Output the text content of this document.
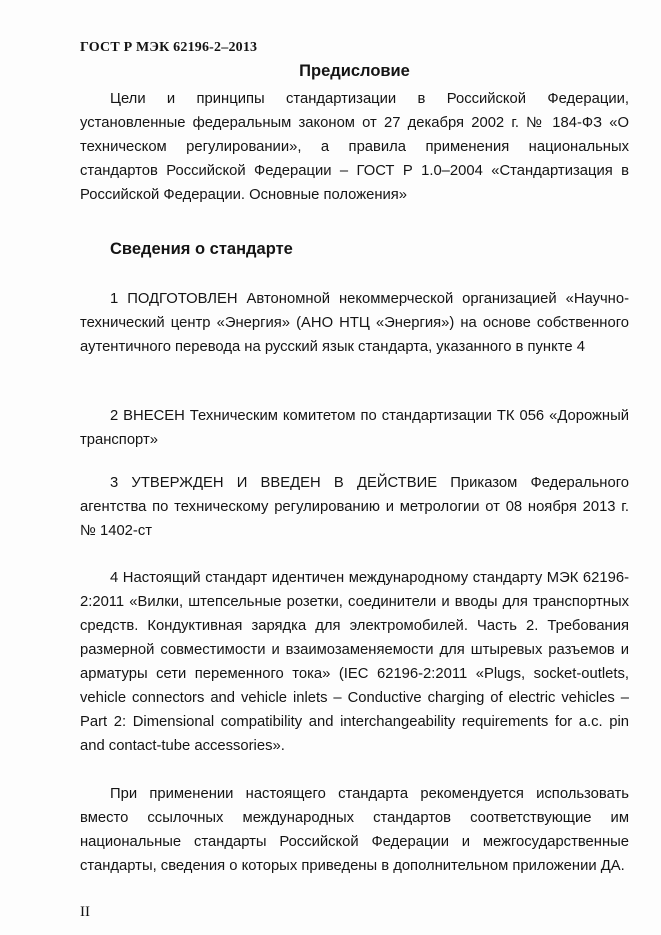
ГОСТ Р МЭК 62196-2–2013
Предисловие
Цели и принципы стандартизации в Российской Федерации, установленные федеральным законом от 27 декабря 2002 г. № 184-ФЗ «О техническом регулировании», а правила применения национальных стандартов Российской Федерации – ГОСТ Р 1.0–2004 «Стандартизация в Российской Федерации. Основные положения»
Сведения о стандарте
1 ПОДГОТОВЛЕН Автономной некоммерческой организацией «Научно-технический центр «Энергия» (АНО НТЦ «Энергия») на основе собственного аутентичного перевода на русский язык стандарта, указанного в пункте 4
2 ВНЕСЕН Техническим комитетом по стандартизации ТК 056 «Дорожный транспорт»
3 УТВЕРЖДЕН И ВВЕДЕН В ДЕЙСТВИЕ Приказом Федерального агентства по техническому регулированию и метрологии от 08 ноября 2013 г. № 1402-ст
4 Настоящий стандарт идентичен международному стандарту МЭК 62196-2:2011 «Вилки, штепсельные розетки, соединители и вводы для транспортных средств. Кондуктивная зарядка для электромобилей. Часть 2. Требования размерной совместимости и взаимозаменяемости для штыревых разъемов и арматуры сети переменного тока» (IEC 62196-2:2011 «Plugs, socket-outlets, vehicle connectors and vehicle inlets – Conductive charging of electric vehicles – Part 2: Dimensional compatibility and interchangeability requirements for a.c. pin and contact-tube accessories».
При применении настоящего стандарта рекомендуется использовать вместо ссылочных международных стандартов соответствующие им национальные стандарты Российской Федерации и межгосударственные стандарты, сведения о которых приведены в дополнительном приложении ДА.
II
